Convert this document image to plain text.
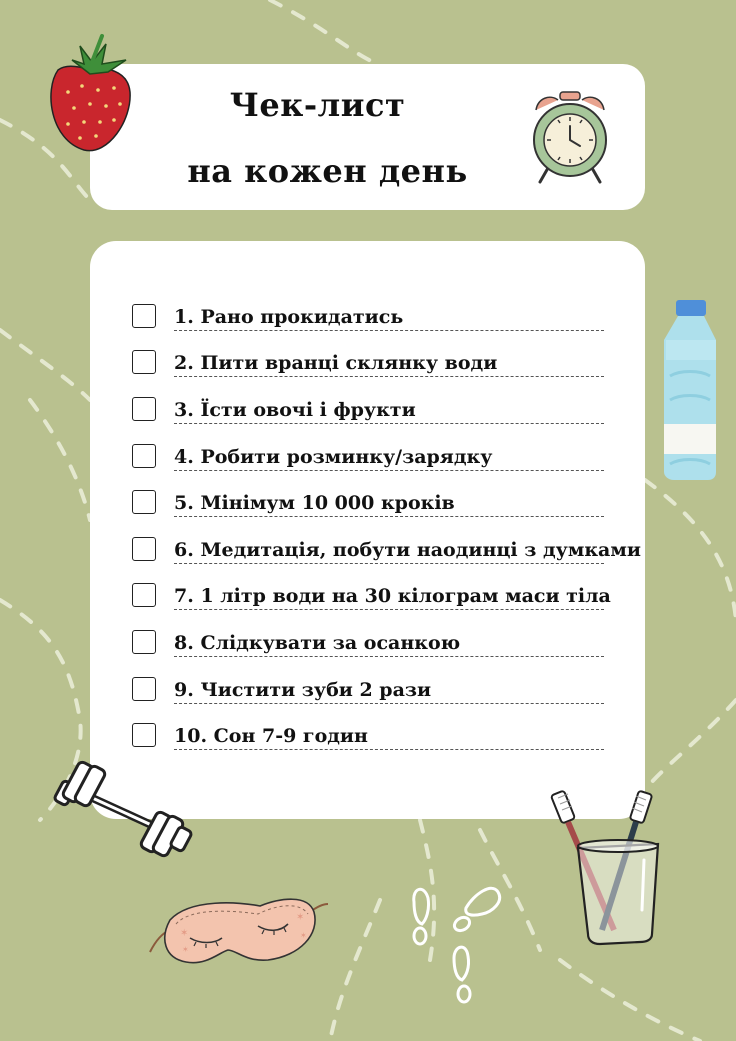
Чек-лист
на кожен день
1. Рано прокидатись
2. Пити вранці склянку води
3. Їсти овочі і фрукти
4. Робити розминку/зарядку
5. Мінімум 10 000 кроків
6. Медитація, побути наодинці з думками
7. 1 літр води на 30 кілограм маси тіла
8. Слідкувати за осанкою
9. Чистити зуби 2 рази
10. Сон 7-9 годин
✶
✶
✶
✶
